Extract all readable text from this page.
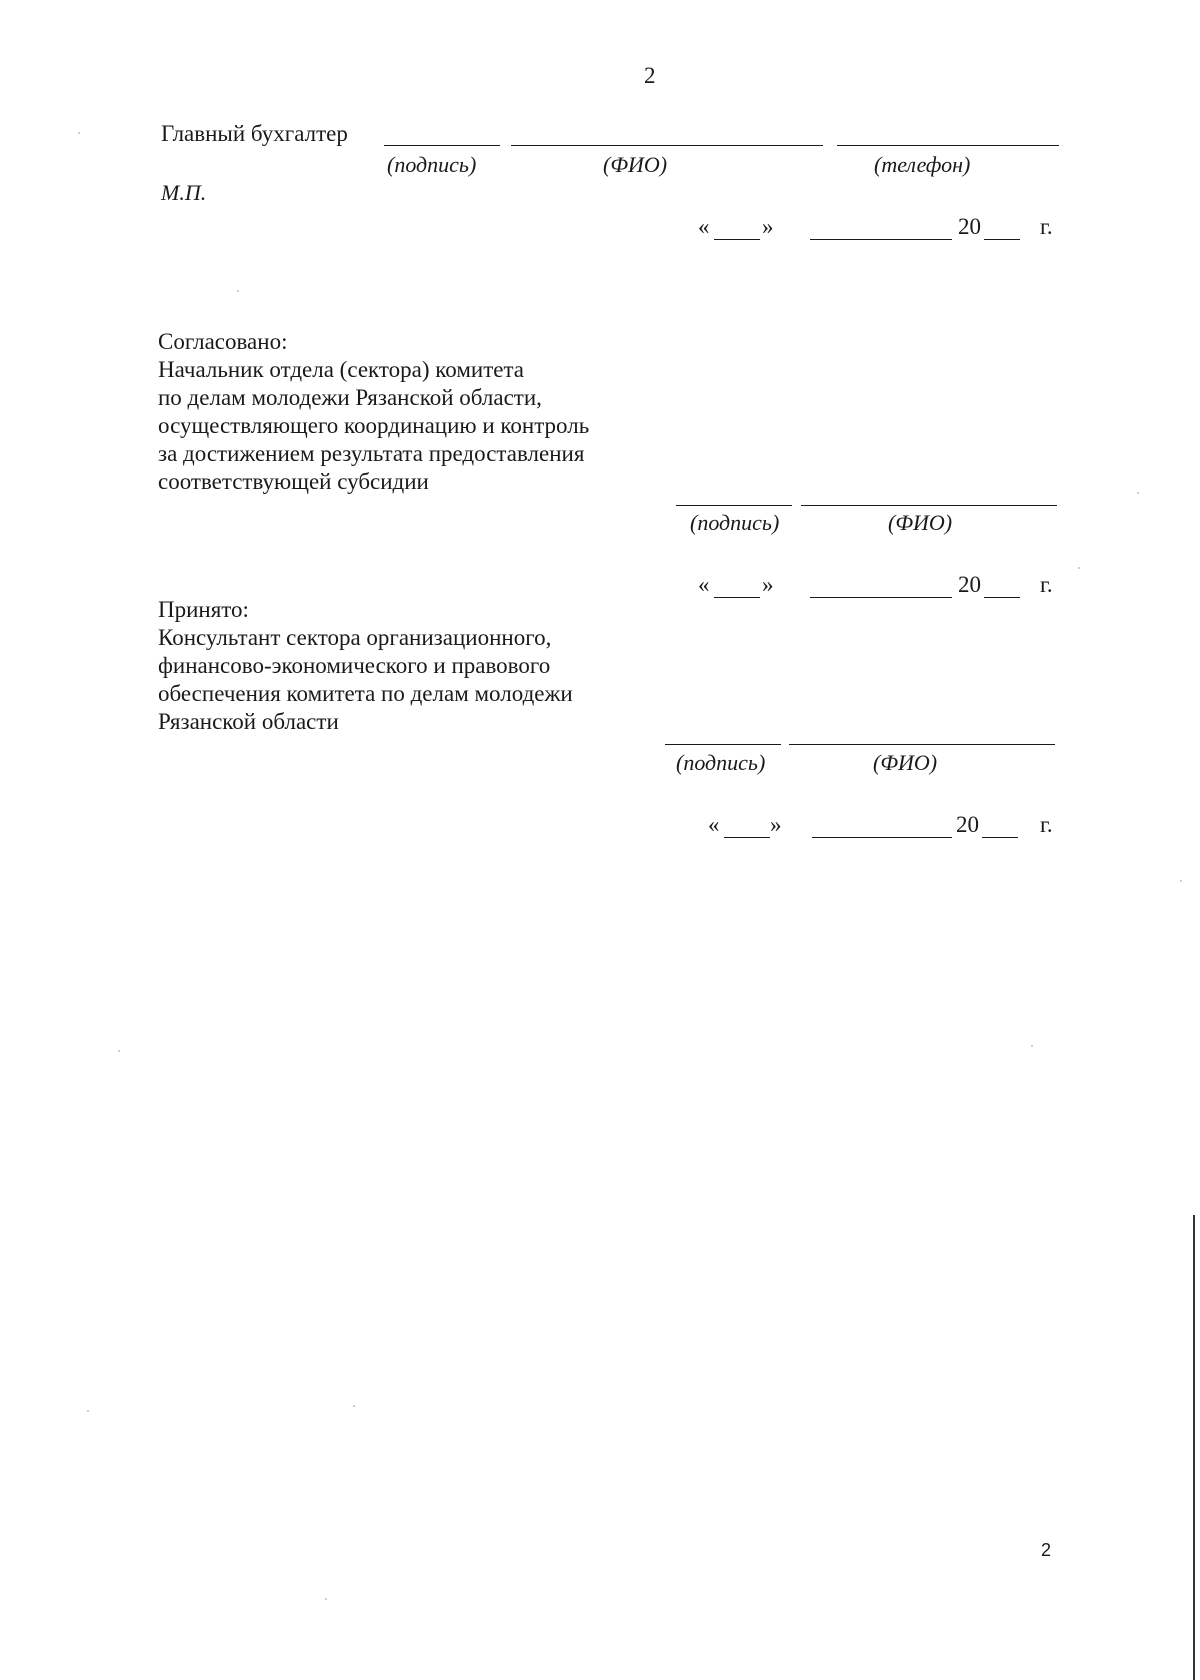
2
Главный бухгалтер
(подпись)	(ФИО)	(телефон)
М.П.
« »	20	г.
Согласовано:
Начальник отдела (сектора) комитета
по делам молодежи Рязанской области,
осуществляющего координацию и контроль
за достижением результата предоставления
соответствующей субсидии
(подпись)	(ФИО)
« »	20	г.
Принято:
Консультант сектора организационного,
финансово-экономического и правового
обеспечения комитета по делам молодежи
Рязанской области
(подпись)	(ФИО)
« »	20	г.
2
